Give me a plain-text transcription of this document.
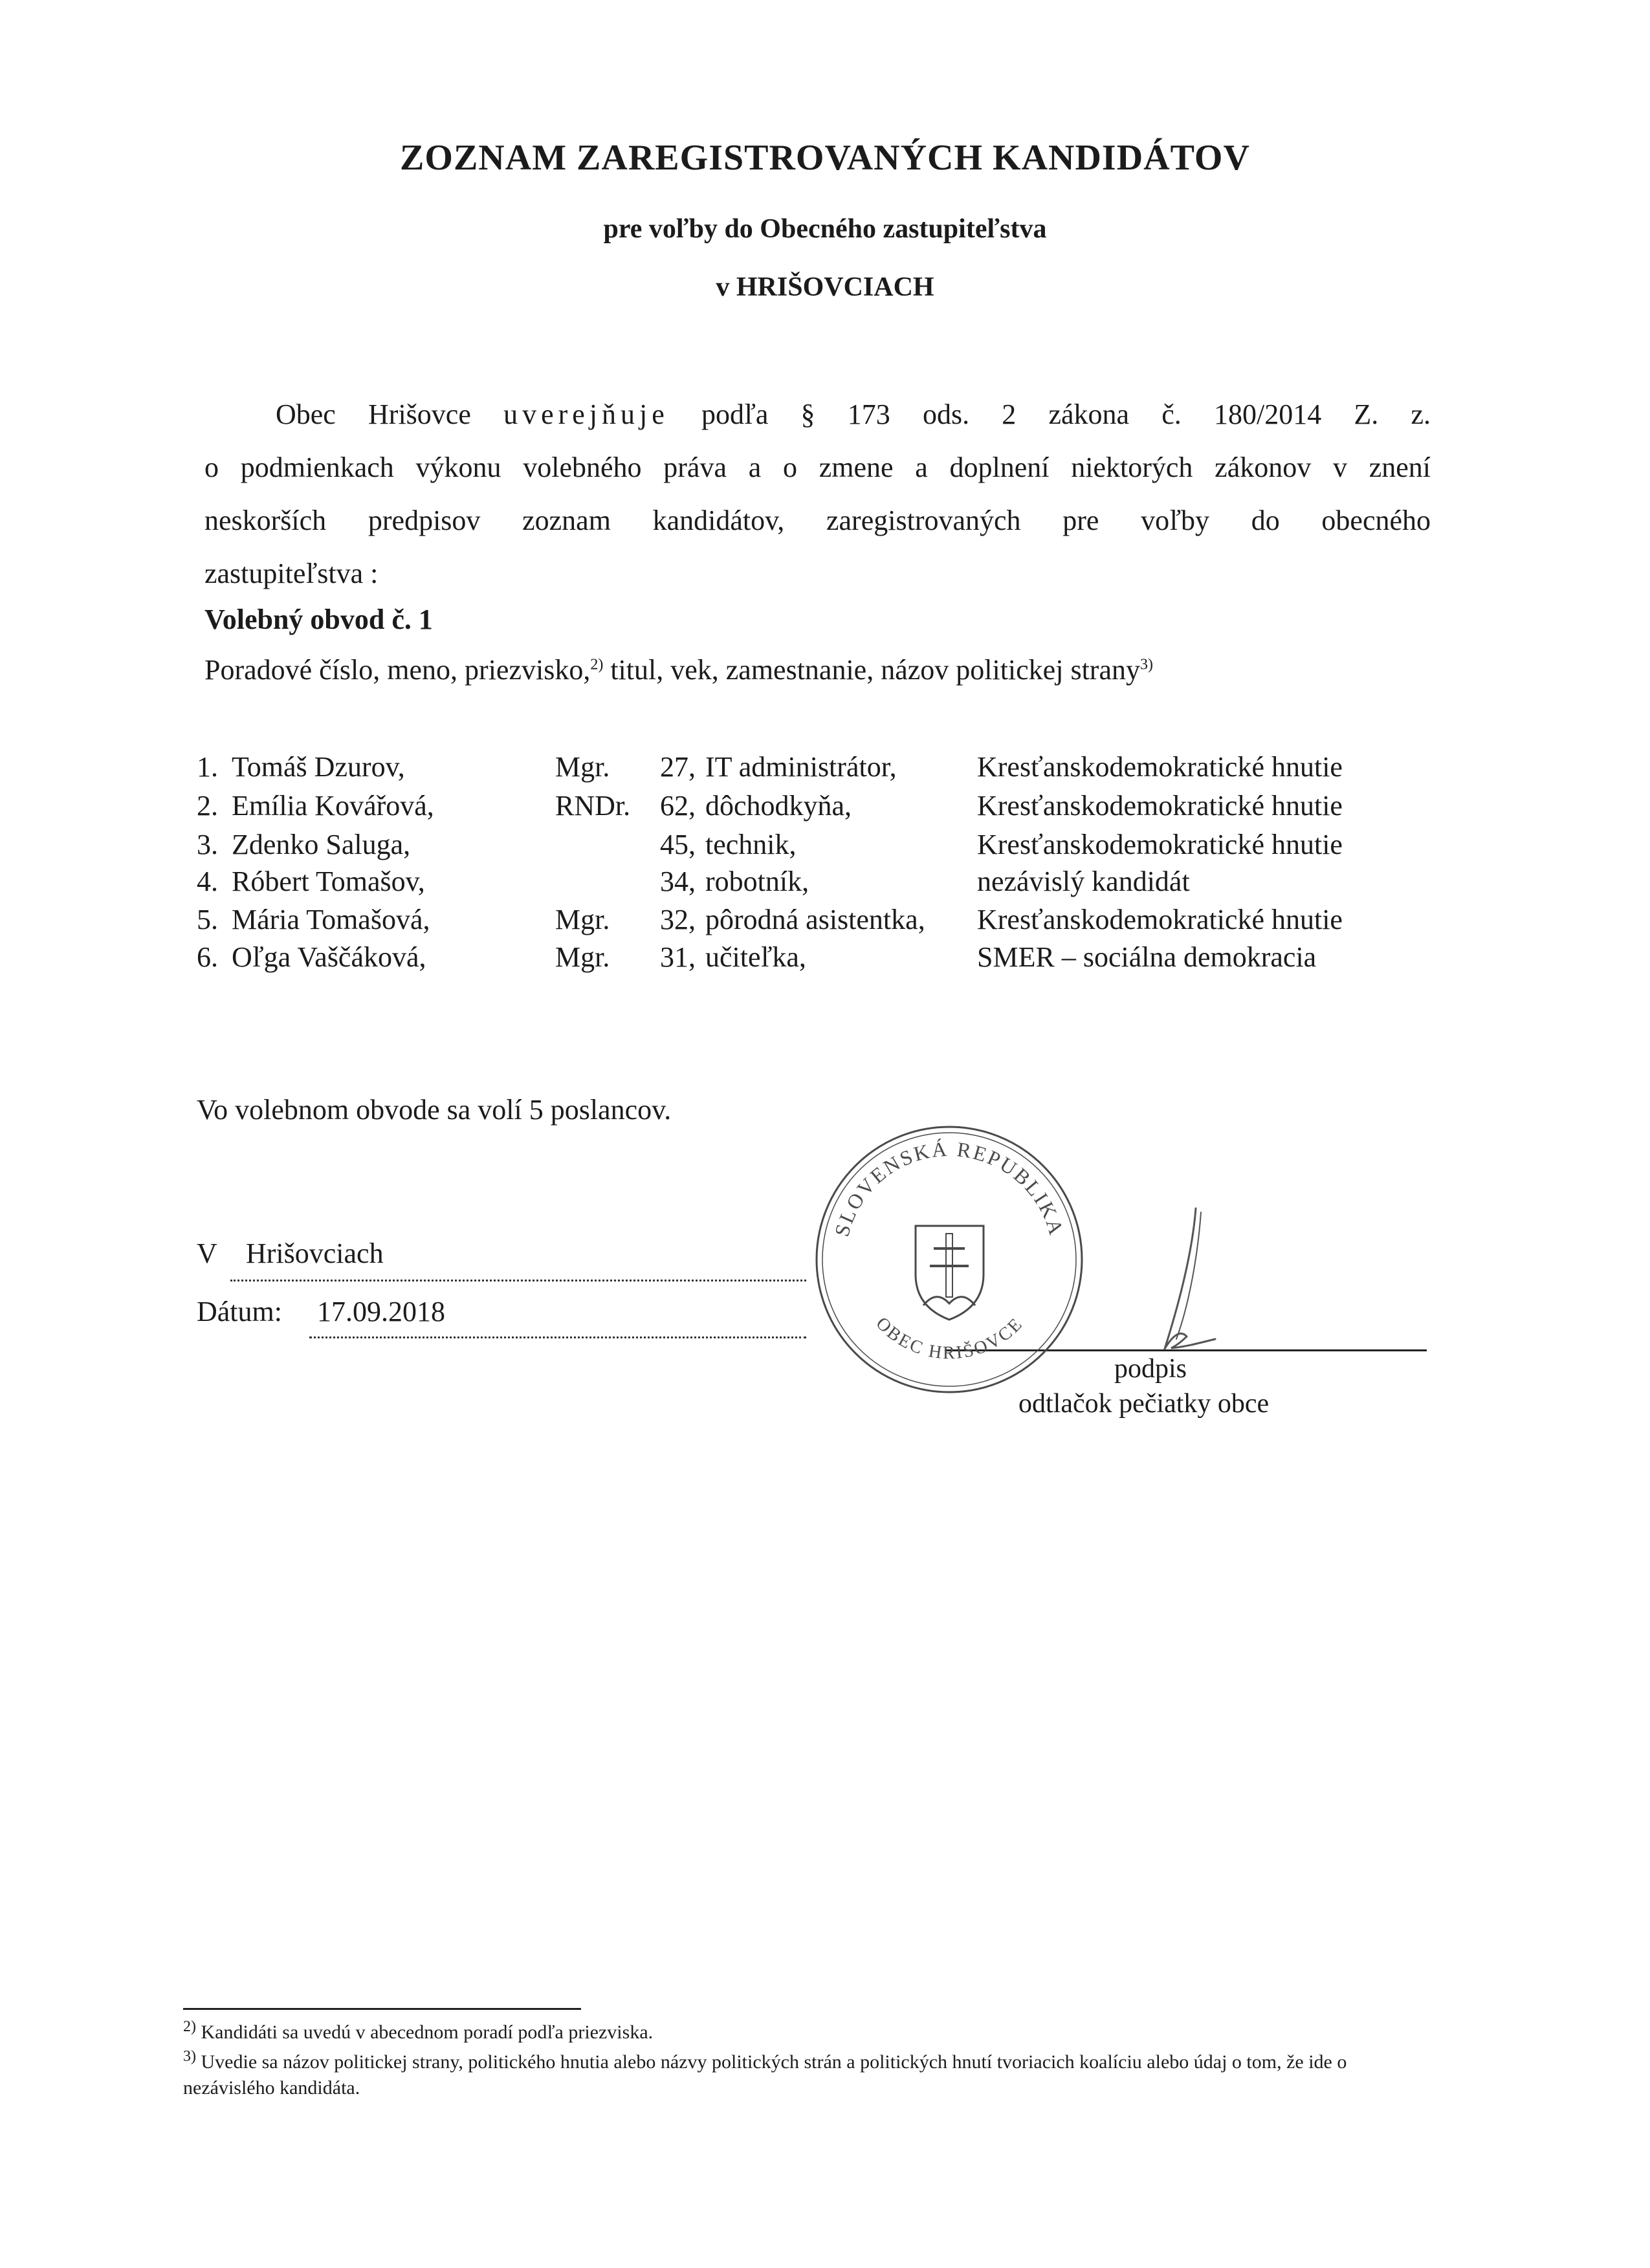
ZOZNAM ZAREGISTROVANÝCH KANDIDÁTOV
pre voľby do Obecného zastupiteľstva
v HRIŠOVCIACH
Obec Hrišovce uverejňuje podľa § 173 ods. 2 zákona č. 180/2014 Z. z.
o podmienkach výkonu volebného práva a o zmene a doplnení niektorých zákonov v znení
neskorších predpisov zoznam kandidátov, zaregistrovaných pre voľby do obecného
zastupiteľstva :
Volebný obvod č. 1
Poradové číslo, meno, priezvisko,$^{2)}$ titul, vek, zamestnanie, názov politickej strany$^{3)}$
1. Tomáš Dzurov,	Mgr. 27, IT administrátor,	Kresťanskodemokratické hnutie
2. Emília Kovářová,	RNDr. 62, dôchodkyňa,	Kresťanskodemokratické hnutie
3. Zdenko Saluga,	45, technik,	Kresťanskodemokratické hnutie
4. Róbert Tomašov,	34, robotník,	nezávislý kandidát
5. Mária Tomašová,	Mgr. 32, pôrodná asistentka, Kresťanskodemokratické hnutie
6. Oľga Vaščáková,	Mgr. 31, učiteľka,	SMER – sociálna demokracia
Vo volebnom obvode sa volí 5 poslancov.
V Hrišovciach
Dátum: 17.09.2018
podpis
odtlačok pečiatky obce
SLOVENSKÁ REPUBLIKA
OBEC HRIŠOVCE
$^{2)}$ Kandidáti sa uvedú v abecednom poradí podľa priezviska.
$^{3)}$ Uvedie sa názov politickej strany, politického hnutia alebo názvy politických strán a politických hnutí tvoriacich koalíciu alebo údaj o tom, že ide o nezávislého kandidáta.
